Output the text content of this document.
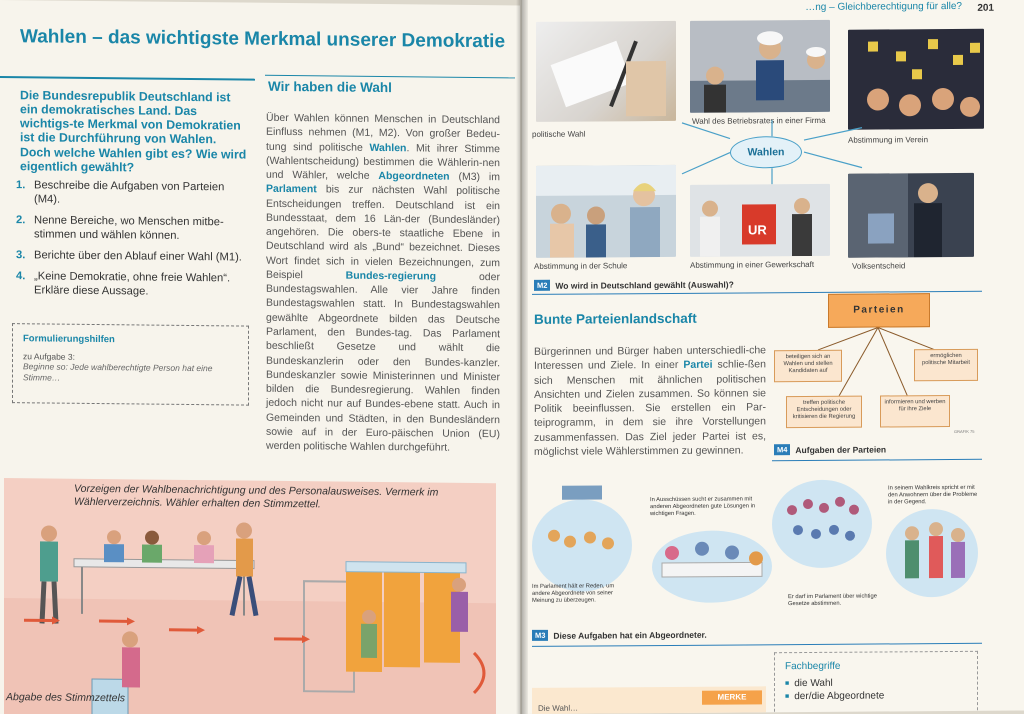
Wahlen – das wichtigste Merkmal unserer Demokratie
Die Bundesrepublik Deutschland ist ein demokratisches Land. Das wichtigs-te Merkmal von Demokratien ist die Durchführung von Wahlen. Doch welche Wahlen gibt es? Wie wird eigentlich gewählt?
1. Beschreibe die Aufgaben von Parteien (M4).
2. Nenne Bereiche, wo Menschen mitbe-stimmen und wählen können.
3. Berichte über den Ablauf einer Wahl (M1).
4. „Keine Demokratie, ohne freie Wahlen“. Erkläre diese Aussage.
Formulierungshilfen
zu Aufgabe 3:
Beginne so: Jede wahlberechtigte Person hat eine Stimme…
Wir haben die Wahl
Über Wahlen können Menschen in Deutschland Einfluss nehmen (M1, M2). Von großer Bedeu-tung sind politische Wahlen. Mit ihrer Stimme (Wahlentscheidung) bestimmen die Wählerin-nen und Wähler, welche Abgeordneten (M3) im Parlament bis zur nächsten Wahl politische Entscheidungen treffen. Deutschland ist ein Bundesstaat, dem 16 Län-der (Bundesländer) angehören. Die obers-te staatliche Ebene in Deutschland wird als „Bund“ bezeichnet. Dieses Wort findet sich in vielen Bezeichnungen, zum Beispiel Bundes-regierung oder Bundestagswahlen. Alle vier Jahre finden Bundestagswahlen statt. In Bundestagswahlen gewählte Abgeordnete bilden das Deutsche Parlament, den Bundes-tag. Das Parlament beschließt Gesetze und wählt die Bundeskanzlerin oder den Bundes-kanzler. Bundeskanzler sowie Ministerinnen und Minister bilden die Bundesregierung. Wahlen finden jedoch nicht nur auf Bundes-ebene statt. Auch in Gemeinden und Städten, in den Bundesländern sowie auf in der Euro-päischen Union (EU) werden politische Wahlen durchgeführt.
Vorzeigen der Wahlbenachrichtigung und des Personalausweises. Vermerk im Wählerverzeichnis. Wähler erhalten den Stimmzettel.
Abgabe des Stimmzettels
…ng – Gleichberechtigung für alle? 201
politische Wahl
Wahl des Betriebsrates in einer Firma
Abstimmung im Verein
Wahlen
Abstimmung in der Schule
UR
Abstimmung in einer Gewerkschaft	Volksentscheid
M2 Wo wird in Deutschland gewählt (Auswahl)?
Bunte Parteienlandschaft
Bürgerinnen und Bürger haben unterschiedli-che Interessen und Ziele. In einer Partei schlie-ßen sich Menschen mit ähnlichen politischen Ansichten und Zielen zusammen. So können sie Politik beeinflussen. Sie erstellen ein Par-teiprogramm, in dem sie ihre Vorstellungen zusammenfassen. Das Ziel jeder Partei ist es, möglichst viele Wählerstimmen zu gewinnen.
Parteien
beteiligen sich an Wahlen und stellen Kandidaten auf
ermöglichen politische Mitarbeit
treffen politische Entscheidungen oder kritisieren die Regierung
informieren und werben für ihre Ziele
GRAFIK 75
M4 Aufgaben der Parteien
In Ausschüssen sucht er zusammen mit anderen Abgeordneten gute Lösungen in wichtigen Fragen.
In seinem Wahlkreis spricht er mit den Anwohnern über die Probleme in der Gegend.
Im Parlament hält er Reden, um andere Abgeordnete von seiner Meinung zu überzeugen.
Er darf im Parlament über wichtige Gesetze abstimmen.
M3 Diese Aufgaben hat ein Abgeordneter.
Die Wahl…
MERKE
Fachbegriffe
■ die Wahl
■ der/die Abgeordnete
